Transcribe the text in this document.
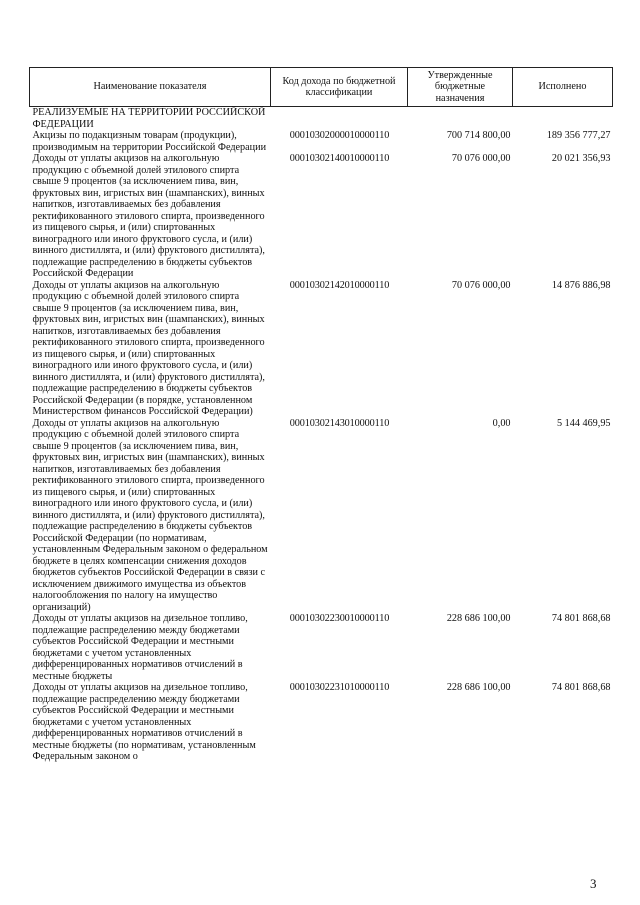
Наименование показателя	Код дохода по бюджетной классификации	Утвержденные бюджетные назначения	Исполнено
РЕАЛИЗУЕМЫЕ НА ТЕРРИТОРИИ РОССИЙСКОЙ ФЕДЕРАЦИИ			
Акцизы по подакцизным товарам (продукции), производимым на территории Российской Федерации	00010302000010000110	700 714 800,00	189 356 777,27
Доходы от уплаты акцизов на алкогольную продукцию с объемной долей этилового спирта свыше 9 процентов (за исключением пива, вин, фруктовых вин, игристых вин (шампанских), винных напитков, изготавливаемых без добавления ректификованного этилового спирта, произведенного из пищевого сырья, и (или) спиртованных виноградного или иного фруктового сусла, и (или) винного дистиллята, и (или) фруктового дистиллята), подлежащие распределению в бюджеты субъектов Российской Федерации	00010302140010000110	70 076 000,00	20 021 356,93
Доходы от уплаты акцизов на алкогольную продукцию с объемной долей этилового спирта свыше 9 процентов (за исключением пива, вин, фруктовых вин, игристых вин (шампанских), винных напитков, изготавливаемых без добавления ректификованного этилового спирта, произведенного из пищевого сырья, и (или) спиртованных виноградного или иного фруктового сусла, и (или) винного дистиллята, и (или) фруктового дистиллята), подлежащие распределению в бюджеты субъектов Российской Федерации (в порядке, установленном Министерством финансов Российской Федерации)	00010302142010000110	70 076 000,00	14 876 886,98
Доходы от уплаты акцизов на алкогольную продукцию с объемной долей этилового спирта свыше 9 процентов (за исключением пива, вин, фруктовых вин, игристых вин (шампанских), винных напитков, изготавливаемых без добавления ректификованного этилового спирта, произведенного из пищевого сырья, и (или) спиртованных виноградного или иного фруктового сусла, и (или) винного дистиллята, и (или) фруктового дистиллята), подлежащие распределению в бюджеты субъектов Российской Федерации (по нормативам, установленным Федеральным законом о федеральном бюджете в целях компенсации снижения доходов бюджетов субъектов Российской Федерации в связи с исключением движимого имущества из объектов налогообложения по налогу на имущество организаций)	00010302143010000110	0,00	5 144 469,95
Доходы от уплаты акцизов на дизельное топливо, подлежащие распределению между бюджетами субъектов Российской Федерации и местными бюджетами с учетом установленных дифференцированных нормативов отчислений в местные бюджеты	00010302230010000110	228 686 100,00	74 801 868,68
Доходы от уплаты акцизов на дизельное топливо, подлежащие распределению между бюджетами субъектов Российской Федерации и местными бюджетами с учетом установленных дифференцированных нормативов отчислений в местные бюджеты (по нормативам, установленным Федеральным законом о	00010302231010000110	228 686 100,00	74 801 868,68
3
